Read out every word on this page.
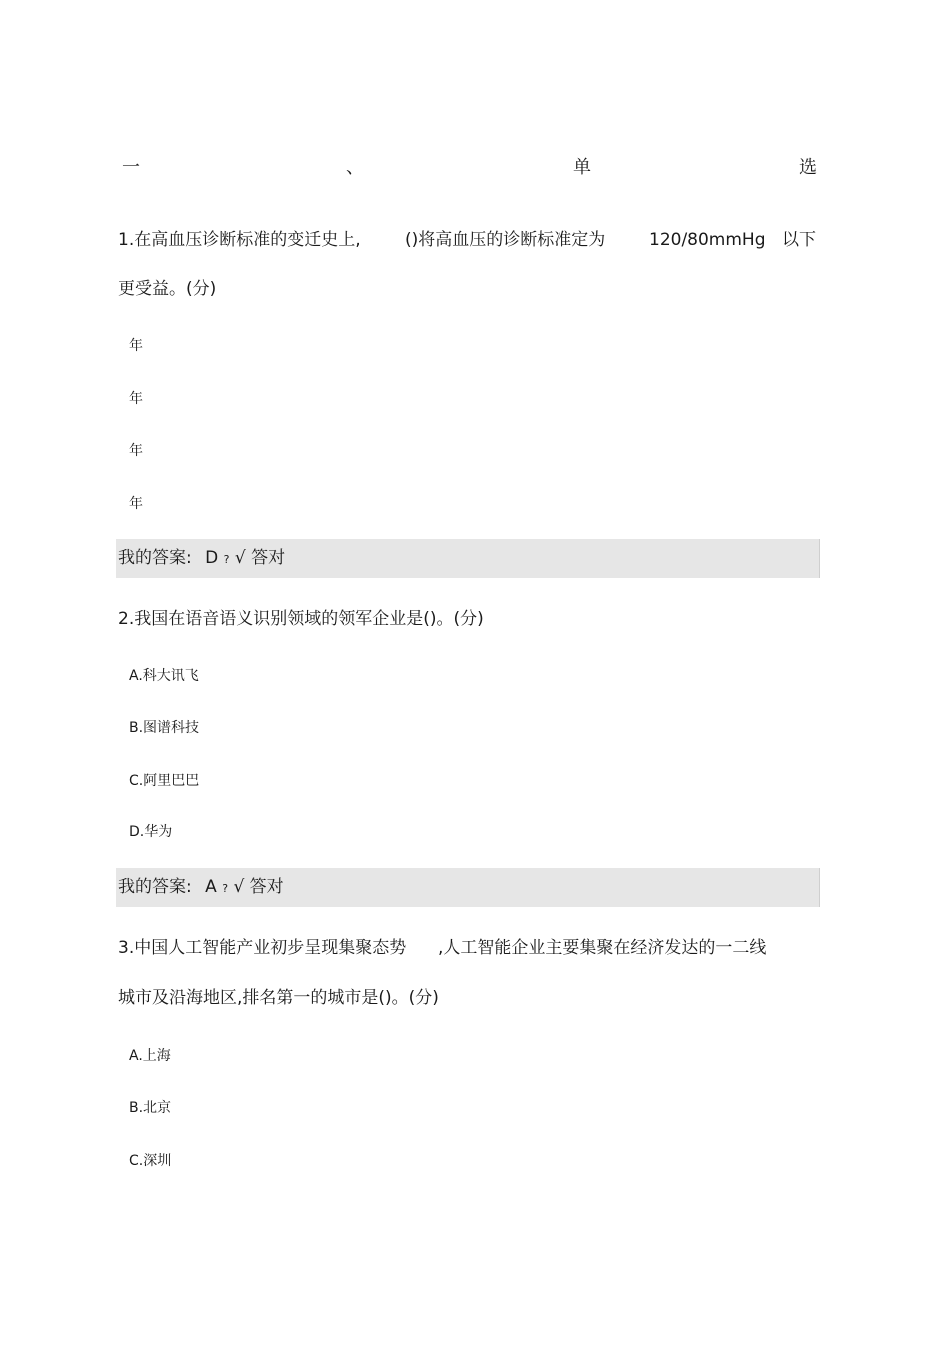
一	、	单	选
1.在高血压诊断标准的变迁史上,	()将高血压的诊断标准定为	120/80mmHg 以下
更受益。(分)
年
年
年
年
我的答案: D ? √ 答对
2.我国在语音语义识别领域的领军企业是()。(分)
A.科大讯飞
B.图谱科技
C.阿里巴巴
D.华为
我的答案: A ? √ 答对
3.中国人工智能产业初步呈现集聚态势 ,人工智能企业主要集聚在经济发达的一二线
城市及沿海地区,排名第一的城市是()。(分)
A.上海
B.北京
C.深圳
